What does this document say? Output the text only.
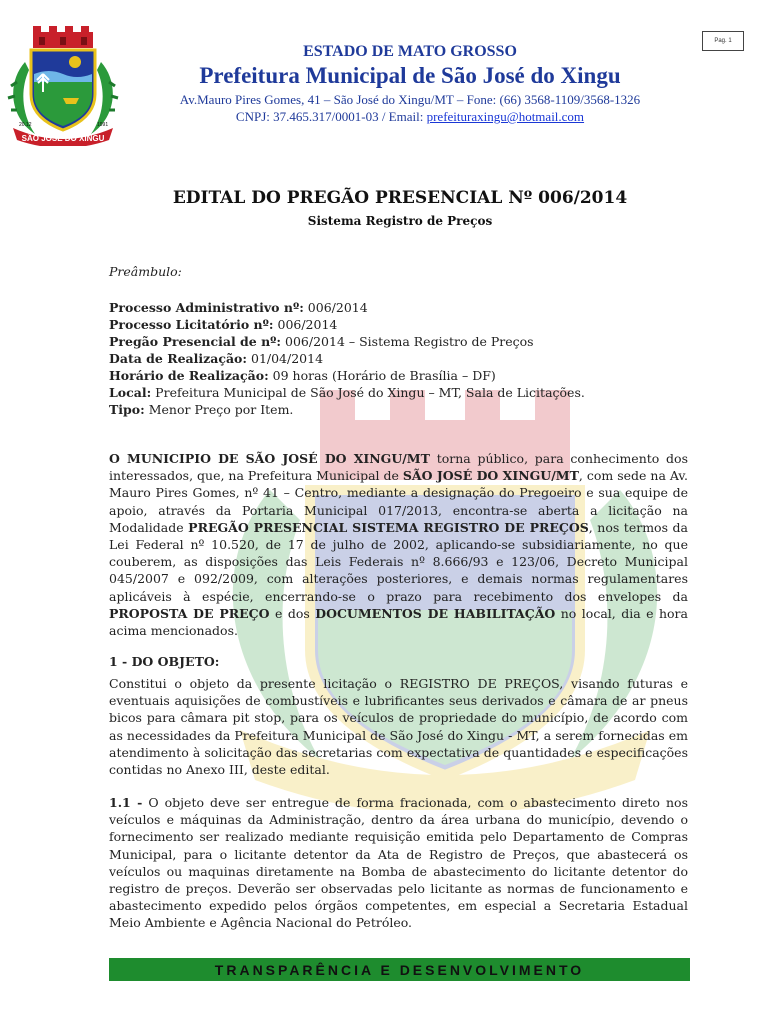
Pag. 1
SÃO JOSÉ DO XINGU
20.12	1991
ESTADO DE MATO GROSSO
Prefeitura Municipal de São José do Xingu
Av.Mauro Pires Gomes, 41 – São José do Xingu/MT – Fone: (66) 3568-1109/3568-1326
CNPJ: 37.465.317/0001-03 / Email: prefeituraxingu@hotmail.com
EDITAL DO PREGÃO PRESENCIAL Nº 006/2014
Sistema Registro de Preços
Preâmbulo:
Processo Administrativo nº: 006/2014
Processo Licitatório nº: 006/2014
Pregão Presencial de nº: 006/2014 – Sistema Registro de Preços
Data de Realização: 01/04/2014
Horário de Realização: 09 horas (Horário de Brasília – DF)
Local: Prefeitura Municipal de São José do Xingu – MT, Sala de Licitações.
Tipo: Menor Preço por Item.
O MUNICIPIO DE SÃO JOSÉ DO XINGU/MT torna público, para conhecimento dos interessados, que, na Prefeitura Municipal de SÃO JOSÉ DO XINGU/MT, com sede na Av. Mauro Pires Gomes, nº 41 – Centro, mediante a designação do Pregoeiro e sua equipe de apoio, através da Portaria Municipal 017/2013, encontra-se aberta a licitação na Modalidade PREGÃO PRESENCIAL SISTEMA REGISTRO DE PREÇOS, nos termos da Lei Federal nº 10.520, de 17 de julho de 2002, aplicando-se subsidiariamente, no que couberem, as disposições das Leis Federais nº 8.666/93 e 123/06, Decreto Municipal 045/2007 e 092/2009, com alterações posteriores, e demais normas regulamentares aplicáveis à espécie, encerrando-se o prazo para recebimento dos envelopes da PROPOSTA DE PREÇO e dos DOCUMENTOS DE HABILITAÇÃO no local, dia e hora acima mencionados.
1 - DO OBJETO:
Constitui o objeto da presente licitação o REGISTRO DE PREÇOS, visando futuras e eventuais aquisições de combustíveis e lubrificantes seus derivados e câmara de ar pneus bicos para câmara pit stop, para os veículos de propriedade do município, de acordo com as necessidades da Prefeitura Municipal de São José do Xingu - MT, a serem fornecidas em atendimento à solicitação das secretarias com expectativa de quantidades e especificações contidas no Anexo III, deste edital.
1.1 - O objeto deve ser entregue de forma fracionada, com o abastecimento direto nos veículos e máquinas da Administração, dentro da área urbana do município, devendo o fornecimento ser realizado mediante requisição emitida pelo Departamento de Compras Municipal, para o licitante detentor da Ata de Registro de Preços, que abastecerá os veículos ou maquinas diretamente na Bomba de abastecimento do licitante detentor do registro de preços. Deverão ser observadas pelo licitante as normas de funcionamento e abastecimento expedido pelos órgãos competentes, em especial a Secretaria Estadual Meio Ambiente e Agência Nacional do Petróleo.
TRANSPARÊNCIA E DESENVOLVIMENTO
